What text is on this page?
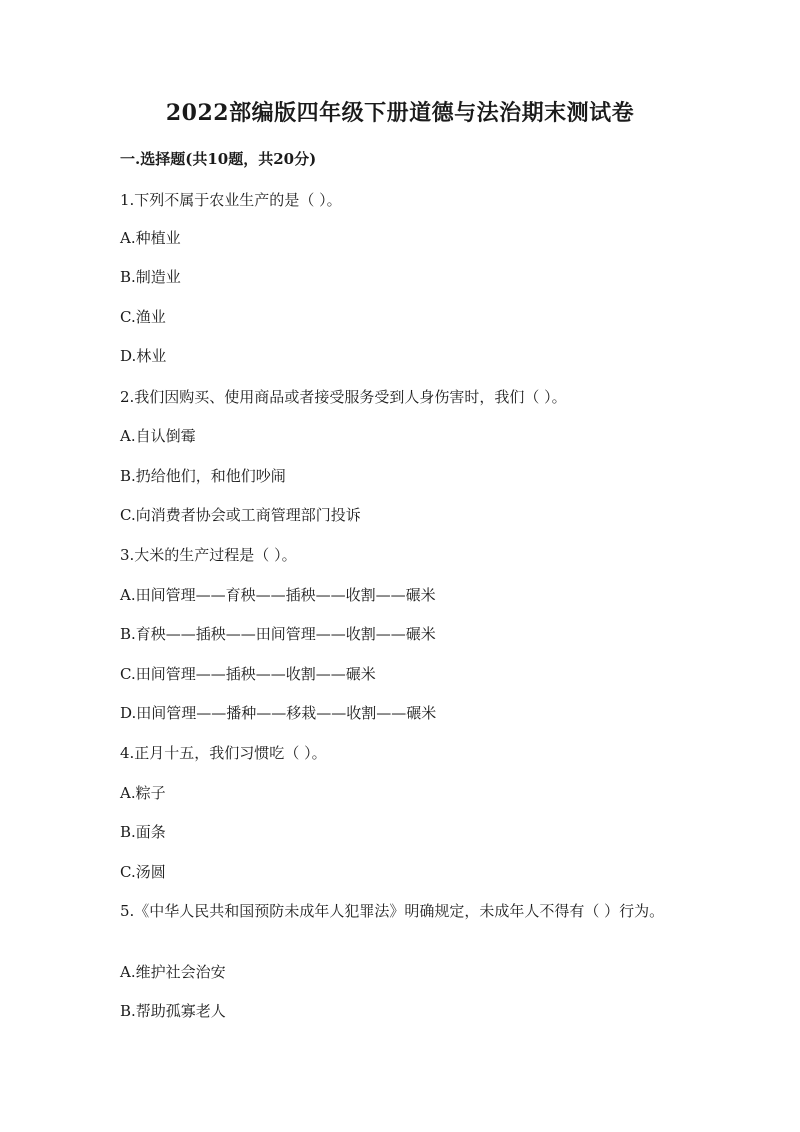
2022部编版四年级下册道德与法治期末测试卷
一.选择题(共10题，共20分)
1.下列不属于农业生产的是（ ）。
A.种植业
B.制造业
C.渔业
D.林业
2.我们因购买、使用商品或者接受服务受到人身伤害时，我们（ ）。
A.自认倒霉
B.扔给他们，和他们吵闹
C.向消费者协会或工商管理部门投诉
3.大米的生产过程是（ ）。
A.田间管理——育秧——插秧——收割——碾米
B.育秧——插秧——田间管理——收割——碾米
C.田间管理——插秧——收割——碾米
D.田间管理——播种——移栽——收割——碾米
4.正月十五，我们习惯吃（ ）。
A.粽子
B.面条
C.汤圆
5.《中华人民共和国预防未成年人犯罪法》明确规定，未成年人不得有（ ）行为。
A.维护社会治安
B.帮助孤寡老人
